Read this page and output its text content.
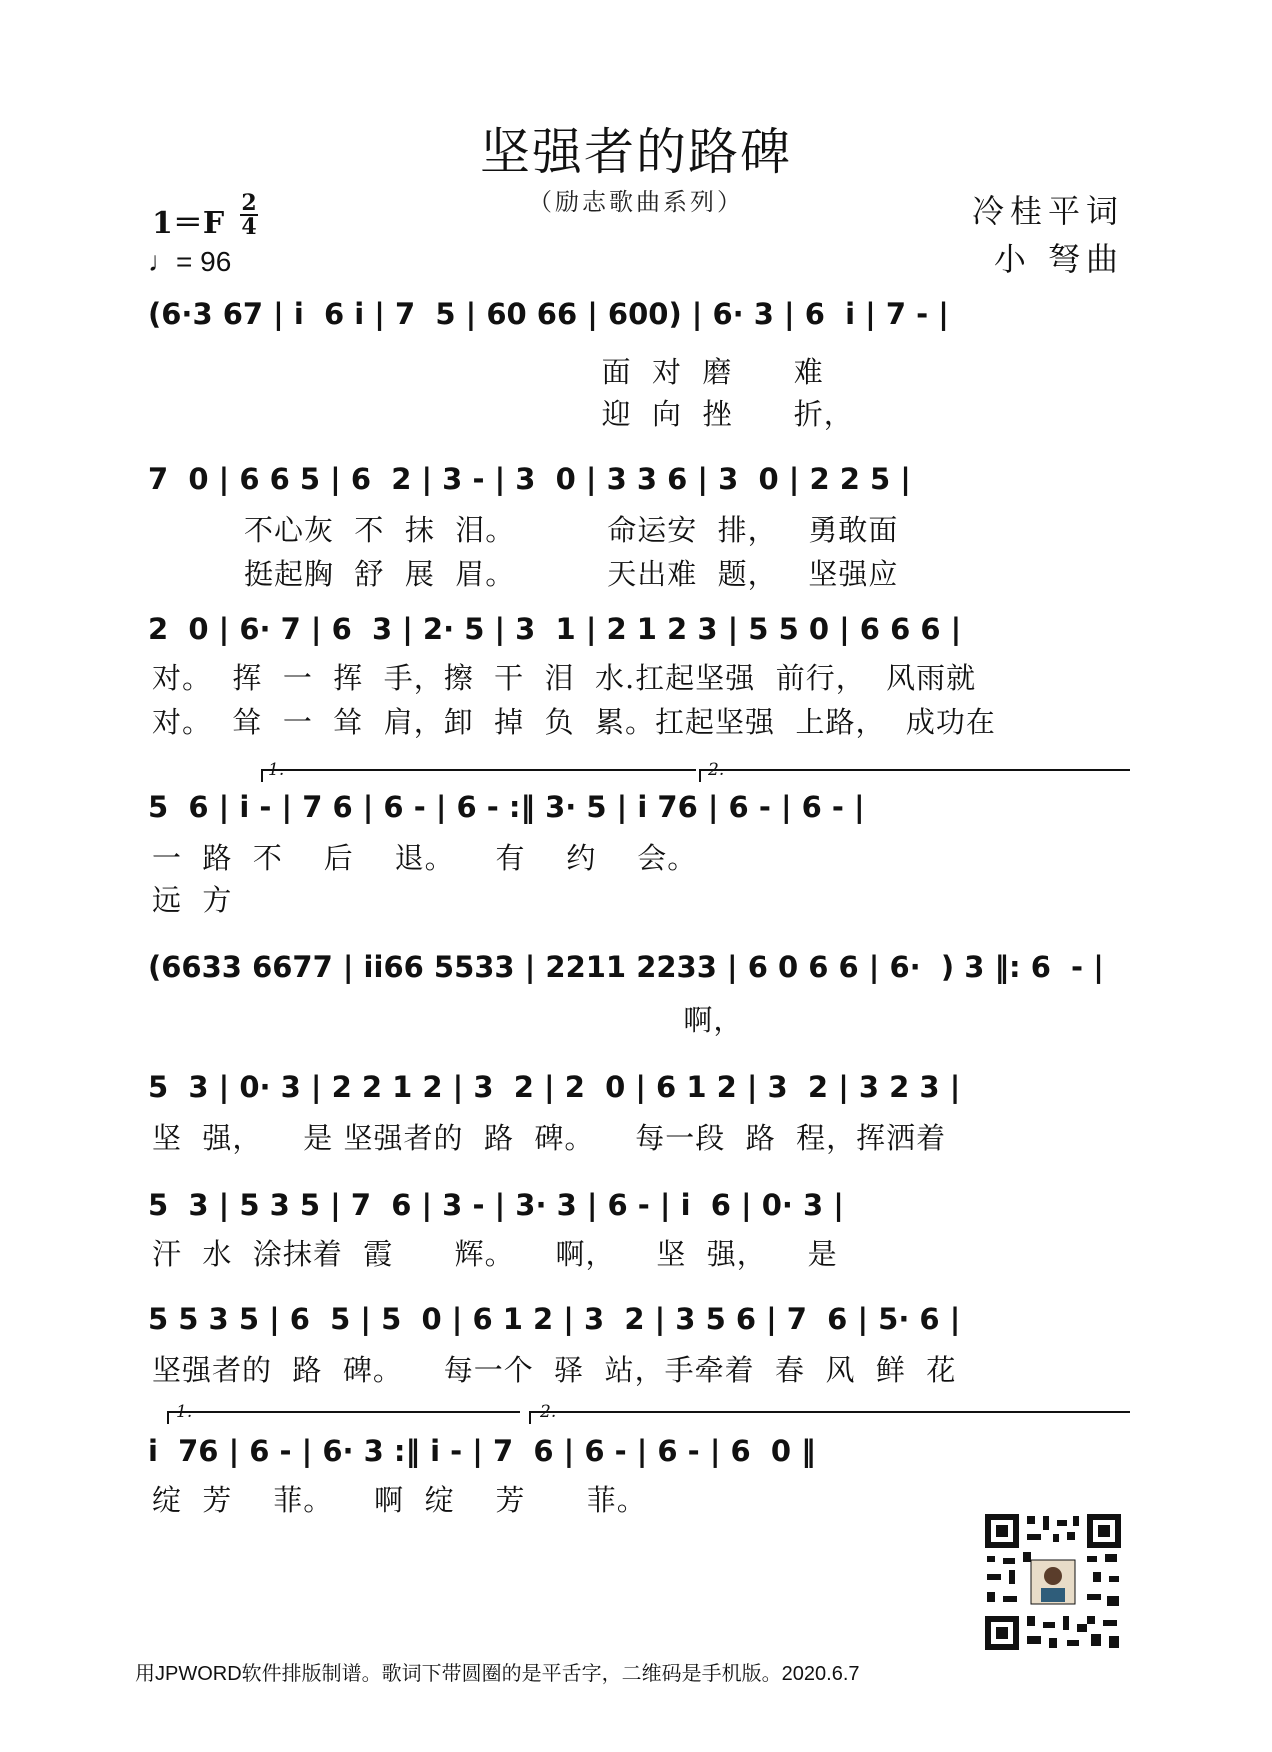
坚强者的路碑
（励志歌曲系列）
1＝F
2
4
♩= 96
冷桂平词
小 弩曲
(6·3 67 | i  6 i | 7  5 | 60 66 | 600) | 6· 3 | 6  i | 7 - |
面  对  磨      难
迎  向  挫      折，
7  0 | 6 6 5 | 6  2 | 3 - | 3  0 | 3 3 6 | 3  0 | 2 2 5 |
不心灰  不  抹  泪。         命运安  排，   勇敢面
挺起胸  舒  展  眉。         天出难  题，   坚强应
2  0 | 6· 7 | 6  3 | 2· 5 | 3  1 | 2 1 2 3 | 5 5 0 | 6 6 6 |
对。  挥  一  挥  手，擦  干  泪  水.扛起坚强  前行，  风雨就
对。  耸  一  耸  肩，卸  掉  负  累。扛起坚强  上路，  成功在
1.	2.
5  6 | i - | 7 6 | 6 - | 6 - :‖ 3· 5 | i 76 | 6 - | 6 - |
一  路  不    后    退。    有    约    会。
远  方
(6633 6677 | ii66 5533 | 2211 2233 | 6 0 6 6 | 6·  ) 3 ‖: 6  - |
啊，
5  3 | 0· 3 | 2 2 1 2 | 3  2 | 2  0 | 6 1 2 | 3  2 | 3 2 3 |
坚  强，    是 坚强者的  路  碑。    每一段  路  程，挥洒着
5  3 | 5 3 5 | 7  6 | 3 - | 3· 3 | 6 - | i  6 | 0· 3 |
汗  水  涂抹着  霞      辉。    啊，    坚  强，    是
5 5 3 5 | 6  5 | 5  0 | 6 1 2 | 3  2 | 3 5 6 | 7  6 | 5· 6 |
坚强者的  路  碑。    每一个  驿  站，手牵着  春  风  鲜  花
1.	2.
i  76 | 6 - | 6· 3 :‖ i - | 7  6 | 6 - | 6 - | 6  0 ‖
绽  芳    菲。    啊  绽    芳      菲。
用JPWORD软件排版制谱。歌词下带圆圈的是平舌字，二维码是手机版。2020.6.7
